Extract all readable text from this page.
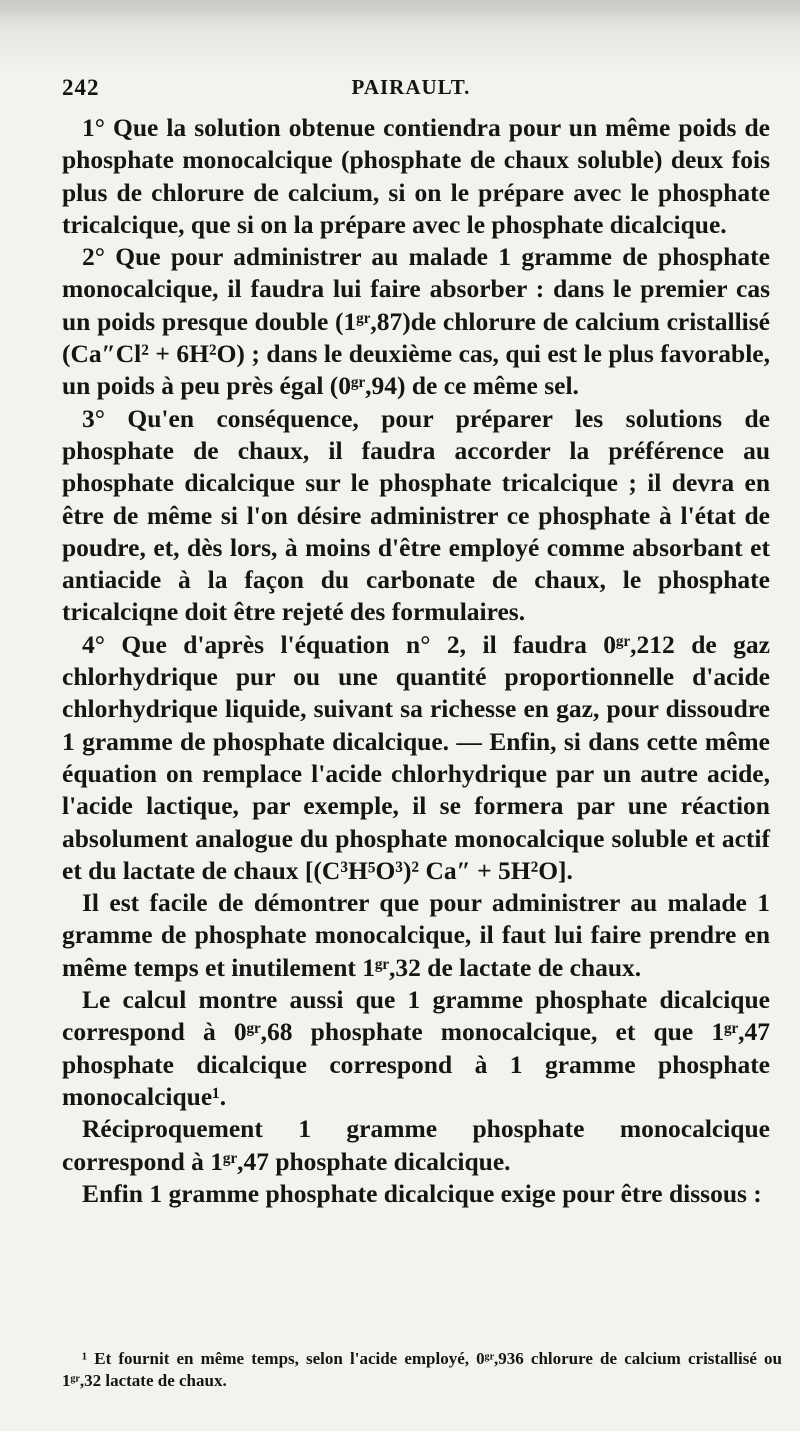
242	PAIRAULT.

1° Que la solution obtenue contiendra pour un même poids de phosphate monocalcique (phosphate de chaux soluble) deux fois plus de chlorure de calcium, si on le prépare avec le phosphate tricalcique, que si on la prépare avec le phosphate dicalcique.

2° Que pour administrer au malade 1 gramme de phosphate monocalcique, il faudra lui faire absorber : dans le premier cas un poids presque double (1ᵍʳ,87)de chlorure de calcium cristallisé (Ca″Cl² + 6H²O) ; dans le deuxième cas, qui est le plus favorable, un poids à peu près égal (0ᵍʳ,94) de ce même sel.

3° Qu'en conséquence, pour préparer les solutions de phosphate de chaux, il faudra accorder la préférence au phosphate dicalcique sur le phosphate tricalcique ; il devra en être de même si l'on désire administrer ce phosphate à l'état de poudre, et, dès lors, à moins d'être employé comme absorbant et antiacide à la façon du carbonate de chaux, le phosphate tricalciqne doit être rejeté des formulaires.

4° Que d'après l'équation n° 2, il faudra 0ᵍʳ,212 de gaz chlorhydrique pur ou une quantité proportionnelle d'acide chlorhydrique liquide, suivant sa richesse en gaz, pour dissoudre 1 gramme de phosphate dicalcique. — Enfin, si dans cette même équation on remplace l'acide chlorhydrique par un autre acide, l'acide lactique, par exemple, il se formera par une réaction absolument analogue du phosphate monocalcique soluble et actif et du lactate de chaux [(C³H⁵O³)² Ca″ + 5H²O].

Il est facile de démontrer que pour administrer au malade 1 gramme de phosphate monocalcique, il faut lui faire prendre en même temps et inutilement 1ᵍʳ,32 de lactate de chaux.

Le calcul montre aussi que 1 gramme phosphate dicalcique correspond à 0ᵍʳ,68 phosphate monocalcique, et que 1ᵍʳ,47 phosphate dicalcique correspond à 1 gramme phosphate monocalcique¹.

Réciproquement 1 gramme phosphate monocalcique correspond à 1ᵍʳ,47 phosphate dicalcique.

Enfin 1 gramme phosphate dicalcique exige pour être dissous :

¹ Et fournit en même temps, selon l'acide employé, 0ᵍʳ,936 chlorure de calcium cristallisé ou 1ᵍʳ,32 lactate de chaux.
